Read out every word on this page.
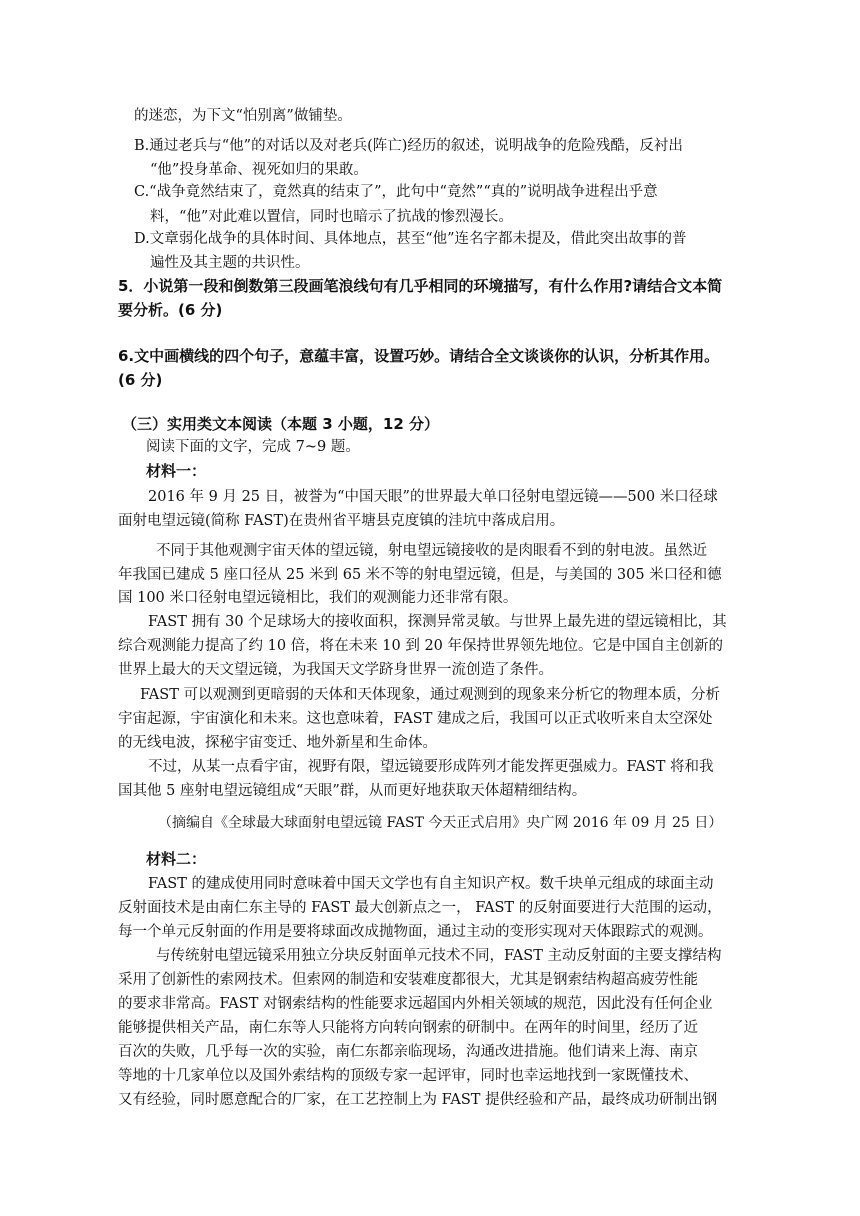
的迷恋，为下文“怕别离”做铺垫。
B.通过老兵与“他”的对话以及对老兵(阵亡)经历的叙述，说明战争的危险残酷，反衬出
“他”投身革命、视死如归的果敢。
C.“战争竟然结束了，竟然真的结束了”，此句中“竟然”“真的”说明战争进程出乎意
料，“他”对此难以置信，同时也暗示了抗战的惨烈漫长。
D.文章弱化战争的具体时间、具体地点，甚至“他”连名字都未提及，借此突出故事的普
遍性及其主题的共识性。
5．小说第一段和倒数第三段画笔浪线句有几乎相同的环境描写，有什么作用?请结合文本简
要分析。(6 分)
6.文中画横线的四个句子，意蕴丰富，设置巧妙。请结合全文谈谈你的认识，分析其作用。
(6 分)
（三）实用类文本阅读（本题 3 小题，12 分）
阅读下面的文字，完成 7~9 题。
材料一：
2016 年 9 月 25 日，被誉为“中国天眼”的世界最大单口径射电望远镜——500 米口径球
面射电望远镜(简称 FAST)在贵州省平塘县克度镇的洼坑中落成启用。
不同于其他观测宇宙天体的望远镜，射电望远镜接收的是肉眼看不到的射电波。虽然近
年我国已建成 5 座口径从 25 米到 65 米不等的射电望远镜，但是，与美国的 305 米口径和德
国 100 米口径射电望远镜相比，我们的观测能力还非常有限。
FAST 拥有 30 个足球场大的接收面积，探测异常灵敏。与世界上最先进的望远镜相比，其
综合观测能力提高了约 10 倍，将在未来 10 到 20 年保持世界领先地位。它是中国自主创新的
世界上最大的天文望远镜，为我国天文学跻身世界一流创造了条件。
FAST 可以观测到更暗弱的天体和天体现象，通过观测到的现象来分析它的物理本质，分析
宇宙起源，宇宙演化和未来。这也意味着，FAST 建成之后，我国可以正式收听来自太空深处
的无线电波，探秘宇宙变迁、地外新星和生命体。
不过，从某一点看宇宙，视野有限，望远镜要形成阵列才能发挥更强威力。FAST 将和我
国其他 5 座射电望远镜组成“天眼”群，从而更好地获取天体超精细结构。
（摘编自《全球最大球面射电望远镜 FAST 今天正式启用》央广网 2016 年 09 月 25 日）
材料二：
FAST 的建成使用同时意味着中国天文学也有自主知识产权。数千块单元组成的球面主动
反射面技术是由南仁东主导的 FAST 最大创新点之一， FAST 的反射面要进行大范围的运动，
每一个单元反射面的作用是要将球面改成抛物面，通过主动的变形实现对天体跟踪式的观测。
与传统射电望远镜采用独立分块反射面单元技术不同，FAST 主动反射面的主要支撑结构
采用了创新性的索网技术。但索网的制造和安装难度都很大，尤其是钢索结构超高疲劳性能
的要求非常高。FAST 对钢索结构的性能要求远超国内外相关领域的规范，因此没有任何企业
能够提供相关产品，南仁东等人只能将方向转向钢索的研制中。在两年的时间里，经历了近
百次的失败，几乎每一次的实验，南仁东都亲临现场，沟通改进措施。他们请来上海、南京
等地的十几家单位以及国外索结构的顶级专家一起评审，同时也幸运地找到一家既懂技术、
又有经验，同时愿意配合的厂家，在工艺控制上为 FAST 提供经验和产品，最终成功研制出钢
